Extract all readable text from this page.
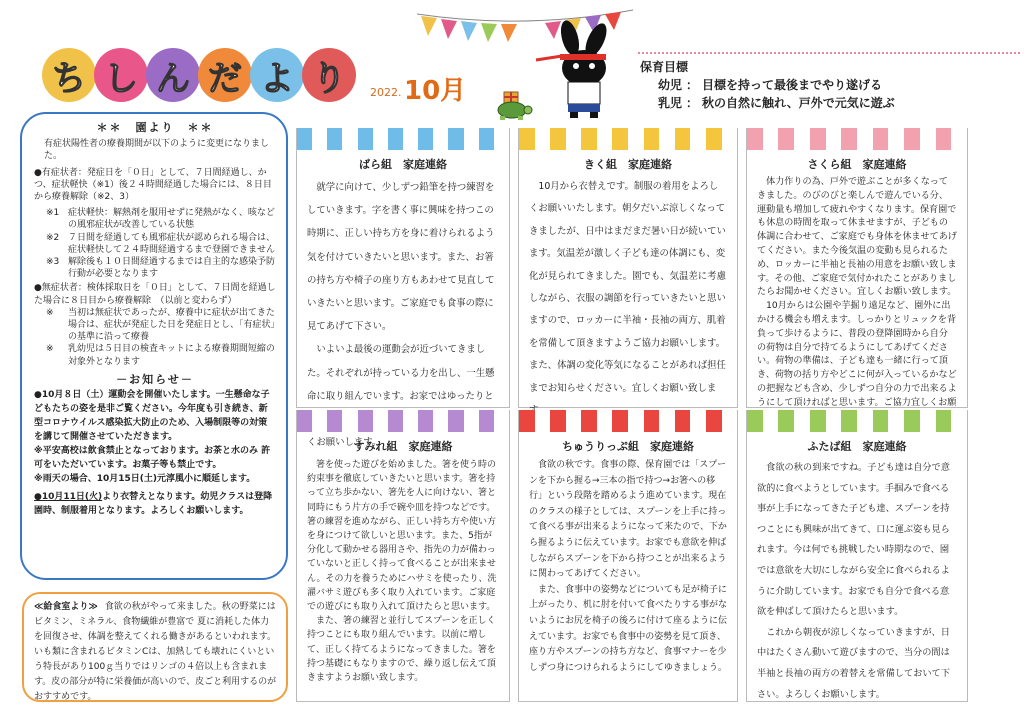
ち し ん だ よ り	2022. 10月
保育目標
幼児 ： 目標を持って最後までやり遂げる
乳児 ： 秋の自然に触れ、戸外で元気に遊ぶ
＊＊　園より　＊＊

有症状陽性者の療養期間が以下のように変更になりました。

●有症状者：発症日を「０日」として、７日間経過し、かつ、症状軽快（※1）後２４時間経過した場合には、８日目から療養解除（※2、3）

※1 症状軽快：解熱剤を服用せずに発熱がなく、咳などの風邪症状が改善している状態
※2 ７日間を経過しても風邪症状が認められる場合は、症状軽快して２４時間経過するまで登園できません
※3 解除後も１０日間経過するまでは自主的な感染予防行動が必要となります

●無症状者：検体採取日を「０日」として、７日間を経過した場合に８日目から療養解除　（以前と変わらず）

※	当初は無症状であったが、療養中に症状が出てきた場合は、症状が発症した日を発症日とし、「有症状」の基準に沿って療養
※	乳幼児は５日目の検査キットによる療養期間短縮の対象外となります
－お知らせ－

●10月８日（土）運動会を開催いたします。一生懸命な子どもたちの姿を是非ご覧ください。今年度も引き続き、新型コロナウイルス感染拡大防止のため、入場制限等の対策を講じて開催させていただきます。

※平安高校は飲食禁止となっております。お茶と水のみ 許可をいただいています。お菓子等も禁止です。

※雨天の場合、10月15日(土)元淳風小に順延します。

●10月11日(火)より衣替えとなります。幼児クラスは登降園時、制服着用となります。よろしくお願いします。

≪給食室より≫ 食欲の秋がやって来ました。秋の野菜にはビタミン、ミネラル、食物繊維が豊富で 夏に消耗した体力を回復させ、体調を整えてくれる働きがあるといわれます。いも類に含まれるビタミンCは、加熱しても壊れにくいという特長があり100ｇ当りではリンゴの４倍以上も含まれます。皮の部分が特に栄養価が高いので、皮ごと利用するのがおすすめです。
ばら組　家庭連絡

　就学に向けて、少しずつ鉛筆を持つ練習をしていきます。字を書く事に興味を持つこの時期に、正しい持ち方を身に着けられるよう気を付けていきたいと思います。また、お箸の持ち方や椅子の座り方もあわせて見直していきたいと思います。ご家庭でも食事の際に見てあげて下さい。

　いよいよ最後の運動会が近づいてきました。それぞれが持っている力を出し、一生懸命に取り組んでいます。お家ではゆったりと くお願いします。

きく組　家庭連絡

　10月から衣替えです。制服の着用をよろしくお願いいたします。朝夕だいぶ涼しくなってきましたが、日中はまだまだ暑い日が続いています。気温差が激しく子ども達の体調にも、変化が見られてきました。園でも、気温差に考慮しながら、衣服の調節を行っていきたいと思いますので、ロッカーに半袖・長袖の両方、肌着を常備して頂きますようご協力お願いします。また、体調の変化等気になることがあれば担任までお知らせください。宜しくお願い致しま

さくら組　家庭連絡

　体力作りの為、戸外で遊ぶことが多くなってきました。のびのびと楽しんで遊んでいる分、運動量も増加して疲れやすくなります。保育園でも休息の時間を取って休ませますが、子どもの体調に合わせて、ご家庭でも身体を休ませてあげてください。また今後気温の変動も見られるため、ロッカーに半袖と長袖の用意をお願い致します。その他、ご家庭で気付かれたことがありましたらお聞かせください。宜しくお願い致します。

　10月からは公園や芋掘り遠足など、園外に出かける機会も増えます。しっかりとリュックを背負って歩けるように、普段の登降園時から自分の荷物は自分で持てるようにしてあげてください。荷物の準備は、子ども達も一緒に行って頂き、荷物の括り方やどこに何が入っているかなどの把握なども含め、少しずつ自分の力で出来るようにして頂ければと思います。ご協力宜しくお願

すみれ組　家庭連絡

　箸を使った遊びを始めました。箸を使う時の約束事を徹底していきたいと思います。箸を持って立ち歩かない、箸先を人に向けない、箸と同時にもう片方の手で碗や皿を持つなどです。箸の練習を進めながら、正しい持ち方や使い方を身につけて欲しいと思います。また、5指が分化して動かせる器用さや、指先の力が備わっていないと正しく持って食べることが出来ません。その力を養うためにハサミを使ったり、洗濯バサミ遊びも多く取り入れています。ご家庭での遊びにも取り入れて頂けたらと思います。

　また、箸の練習と並行してスプーンを正しく持つことにも取り組んでいます。以前に増して、正しく持てるようになってきました。箸を持つ基礎にもなりますので、繰り返し伝えて頂きますようお願い致します。

ちゅうりっぷ組　家庭連絡

　食欲の秋です。食事の際、保育園では「スプーンを下から握る→三本の指で持つ→お箸への移行」という段階を踏めるよう進めています。現在のクラスの様子としては、スプーンを上手に持って食べる事が出来るようになって来たので、下から握るように伝えています。お家でも意欲を伸ばしながらスプーンを下から持つことが出来るように関わってあげてください。

　また、食事中の姿勢などについても足が椅子に上がったり、机に肘を付いて食べたりする事がないようにお尻を椅子の後ろに付けて座るように伝えています。お家でも食事中の姿勢を見て頂き、座り方やスプーンの持ち方など、食事マナーを少しずつ身につけられるようにしてゆきましょう。

ふたば組　家庭連絡

　食欲の秋の到来ですね。子ども達は自分で意欲的に食べようとしています。手掴みで食べる事が上手になってきた子ども達、スプーンを持つことにも興味が出てきて、口に運ぶ姿も見られます。今は何でも挑戦したい時期なので、園では意欲を大切にしながら安全に食べられるように介助しています。お家でも自分で食べる意欲を伸ばして頂けたらと思います。

　これから朝夜が涼しくなっていきますが、日中はたくさん動いて遊びますので、当分の間は半袖と長袖の両方の着替えを常備しておいて下さい。よろしくお願いします。
